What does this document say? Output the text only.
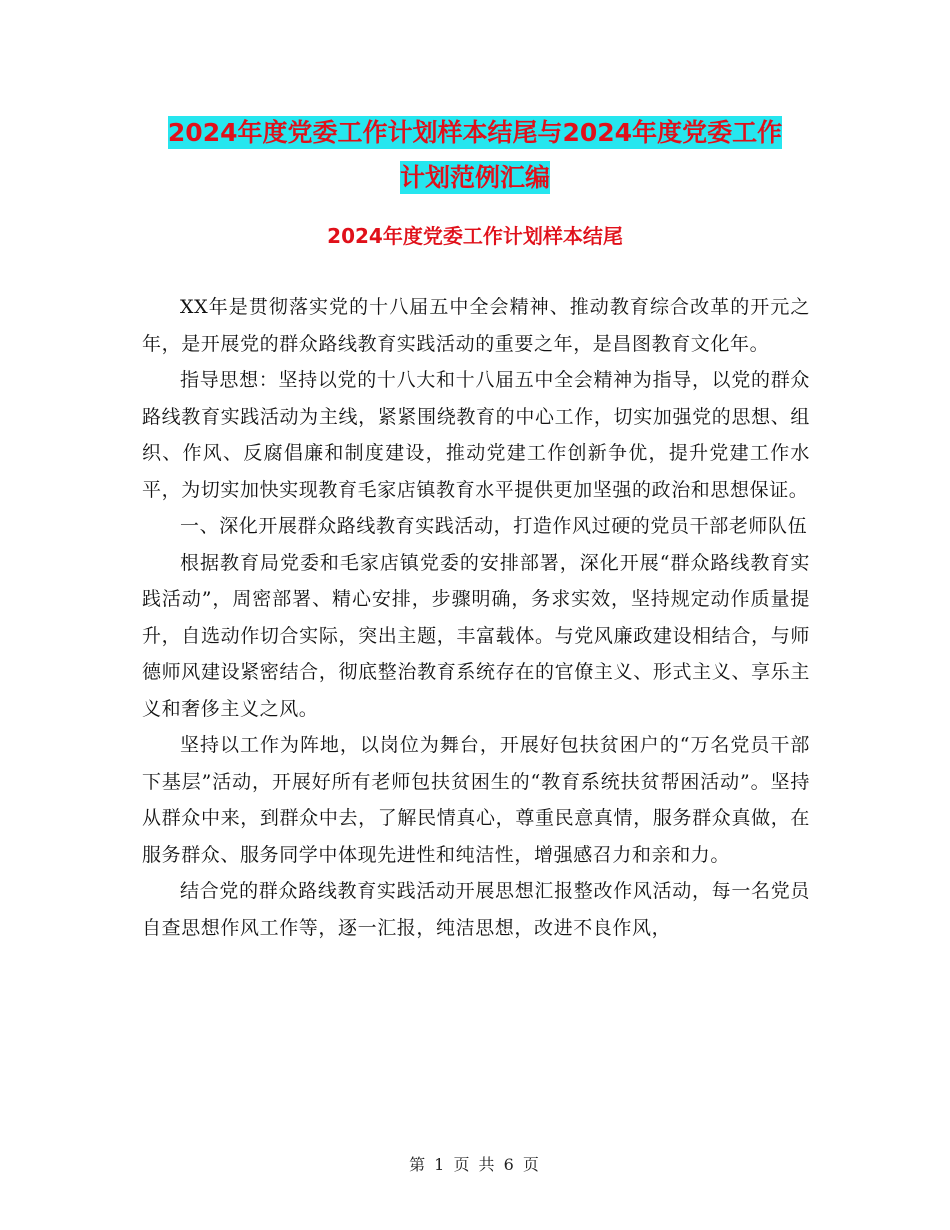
2024年度党委工作计划样本结尾与2024年度党委工作
计划范例汇编
2024年度党委工作计划样本结尾

XX年是贯彻落实党的十八届五中全会精神、推动教育综合改革的开元之年，是开展党的群众路线教育实践活动的重要之年，是昌图教育文化年。

指导思想：坚持以党的十八大和十八届五中全会精神为指导，以党的群众路线教育实践活动为主线，紧紧围绕教育的中心工作，切实加强党的思想、组织、作风、反腐倡廉和制度建设，推动党建工作创新争优，提升党建工作水平，为切实加快实现教育毛家店镇教育水平提供更加坚强的政治和思想保证。

一、深化开展群众路线教育实践活动，打造作风过硬的党员干部老师队伍

根据教育局党委和毛家店镇党委的安排部署，深化开展“群众路线教育实践活动”，周密部署、精心安排，步骤明确，务求实效，坚持规定动作质量提升，自选动作切合实际，突出主题，丰富载体。与党风廉政建设相结合，与师德师风建设紧密结合，彻底整治教育系统存在的官僚主义、形式主义、享乐主义和奢侈主义之风。

坚持以工作为阵地，以岗位为舞台，开展好包扶贫困户的“万名党员干部下基层”活动，开展好所有老师包扶贫困生的“教育系统扶贫帮困活动”。坚持从群众中来，到群众中去，了解民情真心，尊重民意真情，服务群众真做，在服务群众、服务同学中体现先进性和纯洁性，增强感召力和亲和力。

结合党的群众路线教育实践活动开展思想汇报整改作风活动，每一名党员自查思想作风工作等，逐一汇报，纯洁思想，改进不良作风，

第 1 页 共 6 页
